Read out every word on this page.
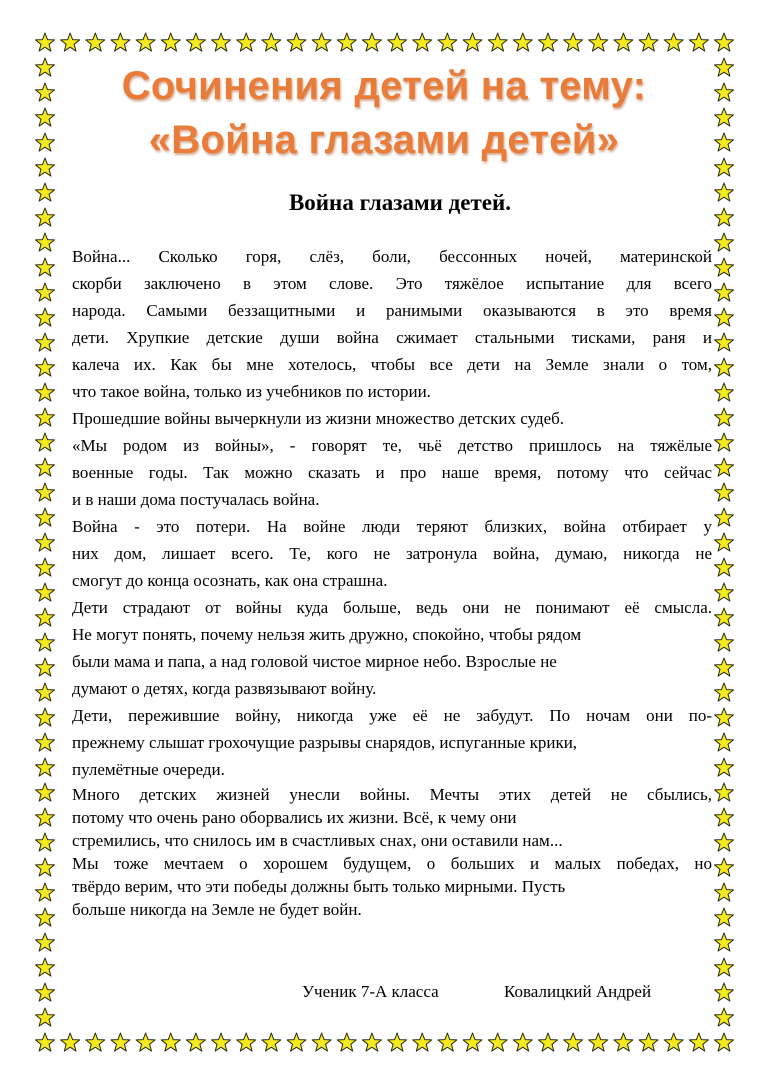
Сочинения детей на тему:
«Война глазами детей»
Война глазами детей.
Война... Сколько горя, слёз, боли, бессонных ночей, материнской
скорби заключено в этом слове. Это тяжёлое испытание для всего
народа. Самыми беззащитными и ранимыми оказываются в это время
дети. Хрупкие детские души война сжимает стальными тисками, раня и
калеча их. Как бы мне хотелось, чтобы все дети на Земле знали о том,
что такое война, только из учебников по истории.
Прошедшие войны вычеркнули из жизни множество детских судеб.
«Мы родом из войны», - говорят те, чьё детство пришлось на тяжёлые
военные годы. Так можно сказать и про наше время, потому что сейчас
и в наши дома постучалась война.
Война - это потери. На войне люди теряют близких, война отбирает у
них дом, лишает всего. Те, кого не затронула война, думаю, никогда не
смогут до конца осознать, как она страшна.
Дети страдают от войны куда больше, ведь они не понимают её смысла.
Не могут понять, почему нельзя жить дружно, спокойно, чтобы рядом
были мама и папа, а над головой чистое мирное небо. Взрослые не
думают о детях, когда развязывают войну.
Дети, пережившие войну, никогда уже её не забудут. По ночам они по-
прежнему слышат грохочущие разрывы снарядов, испуганные крики,
пулемётные очереди.
Много детских жизней унесли войны. Мечты этих детей не сбылись,
потому что очень рано оборвались их жизни. Всё, к чему они
стремились, что снилось им в счастливых снах, они оставили нам...
Мы тоже мечтаем о хорошем будущем, о больших и малых победах, но
твёрдо верим, что эти победы должны быть только мирными. Пусть
больше никогда на Земле не будет войн.
Ученик 7-А класса	Ковалицкий Андрей
